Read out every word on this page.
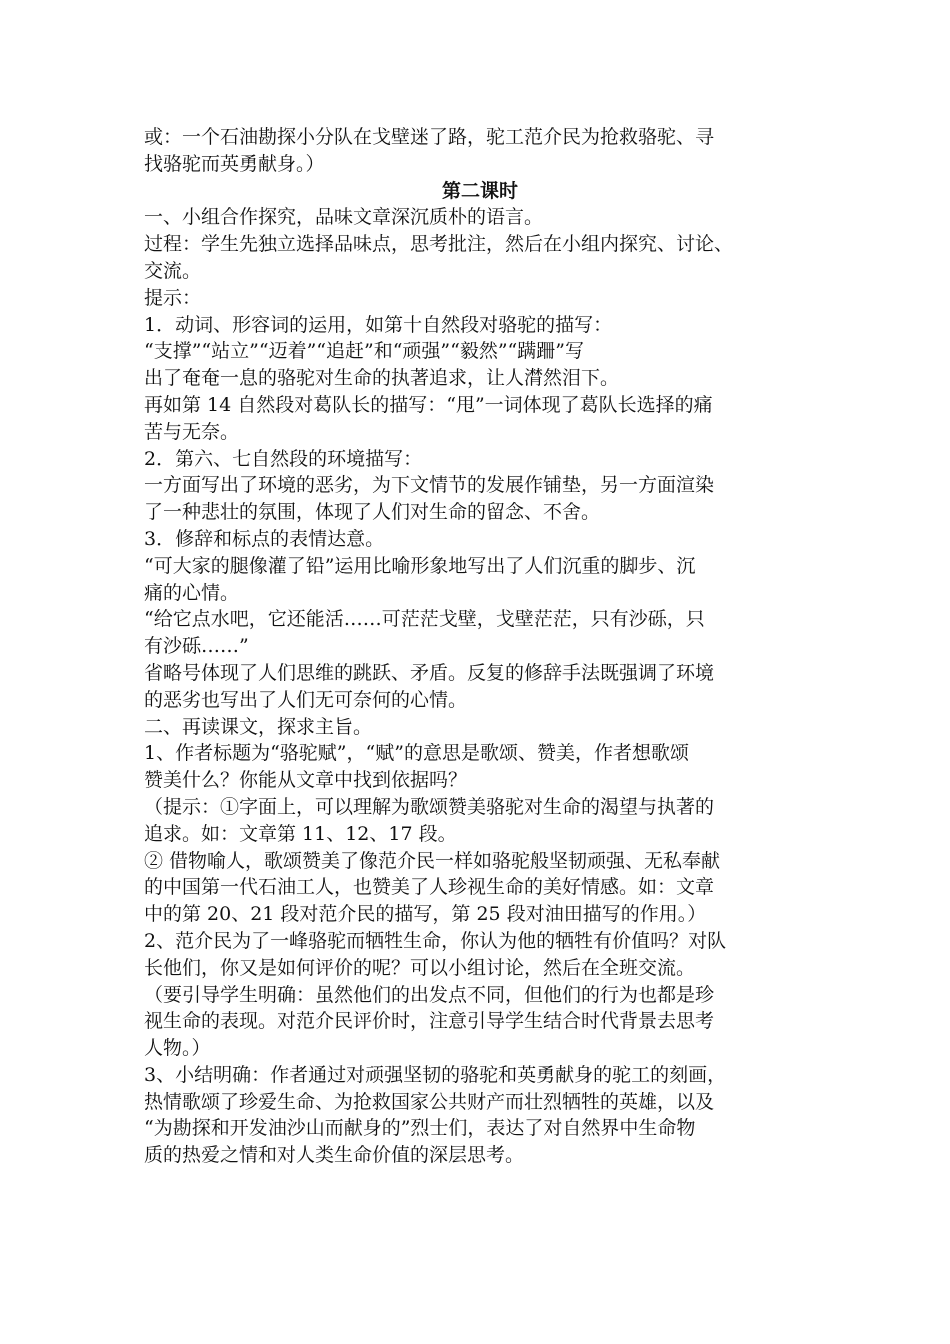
或：一个石油勘探小分队在戈壁迷了路，驼工范介民为抢救骆驼、寻
找骆驼而英勇献身。）
第二课时
一、小组合作探究，品味文章深沉质朴的语言。
过程：学生先独立选择品味点，思考批注，然后在小组内探究、讨论、
交流。
提示：
1．动词、形容词的运用，如第十自然段对骆驼的描写：
“支撑”“站立”“迈着”“追赶”和“顽强”“毅然”“蹒跚”写
出了奄奄一息的骆驼对生命的执著追求，让人潸然泪下。
再如第 14 自然段对葛队长的描写：“甩”一词体现了葛队长选择的痛
苦与无奈。
2．第六、七自然段的环境描写：
一方面写出了环境的恶劣，为下文情节的发展作铺垫，另一方面渲染
了一种悲壮的氛围，体现了人们对生命的留念、不舍。
3．修辞和标点的表情达意。
“可大家的腿像灌了铅”运用比喻形象地写出了人们沉重的脚步、沉
痛的心情。
“给它点水吧，它还能活……可茫茫戈壁，戈壁茫茫，只有沙砾，只
有沙砾……”
省略号体现了人们思维的跳跃、矛盾。反复的修辞手法既强调了环境
的恶劣也写出了人们无可奈何的心情。
二、再读课文，探求主旨。
1、作者标题为“骆驼赋”，“赋”的意思是歌颂、赞美，作者想歌颂
赞美什么？你能从文章中找到依据吗？
（提示：①字面上，可以理解为歌颂赞美骆驼对生命的渴望与执著的
追求。如：文章第 11、12、17 段。
② 借物喻人，歌颂赞美了像范介民一样如骆驼般坚韧顽强、无私奉献
的中国第一代石油工人，也赞美了人珍视生命的美好情感。如：文章
中的第 20、21 段对范介民的描写，第 25 段对油田描写的作用。）
2、范介民为了一峰骆驼而牺牲生命，你认为他的牺牲有价值吗？对队
长他们，你又是如何评价的呢？可以小组讨论，然后在全班交流。
（要引导学生明确：虽然他们的出发点不同，但他们的行为也都是珍
视生命的表现。对范介民评价时，注意引导学生结合时代背景去思考
人物。）
3、小结明确：作者通过对顽强坚韧的骆驼和英勇献身的驼工的刻画，
热情歌颂了珍爱生命、为抢救国家公共财产而壮烈牺牲的英雄，以及
“为勘探和开发油沙山而献身的”烈士们，表达了对自然界中生命物
质的热爱之情和对人类生命价值的深层思考。
